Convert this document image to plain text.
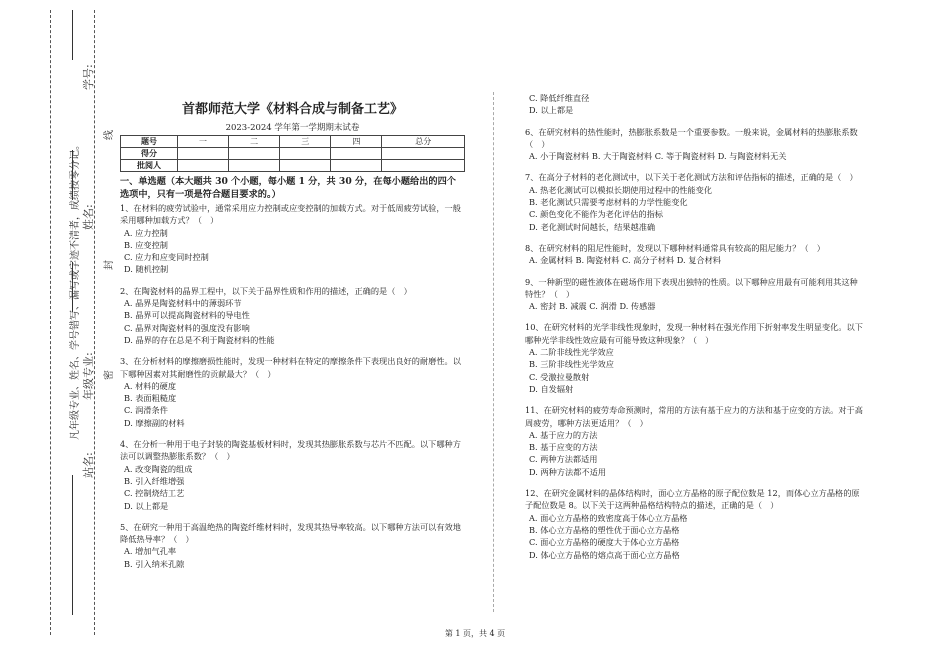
学号:
姓名:
年级专业:
站名:
凡年级专业、姓名、学号错写、漏写或字迹不清者，成绩按零分记。
线
封
密
首都师范大学《材料合成与制备工艺》
2023-2024 学年第一学期期末试卷
题号	一	二	三	四	总分
得分					
批阅人					
一、单选题（本大题共 30 个小题，每小题 1 分，共 30 分，在每小题给出的四个选项中，只有一项是符合题目要求的。）

1、在材料的疲劳试验中，通常采用应力控制或应变控制的加载方式。对于低周疲劳试验，一般采用哪种加载方式？（　）

A. 应力控制

B. 应变控制

C. 应力和应变同时控制

D. 随机控制

2、在陶瓷材料的晶界工程中，以下关于晶界性质和作用的描述，正确的是（　）

A. 晶界是陶瓷材料中的薄弱环节

B. 晶界可以提高陶瓷材料的导电性

C. 晶界对陶瓷材料的强度没有影响

D. 晶界的存在总是不利于陶瓷材料的性能

3、在分析材料的摩擦磨损性能时，发现一种材料在特定的摩擦条件下表现出良好的耐磨性。以下哪种因素对其耐磨性的贡献最大？（　）

A. 材料的硬度

B. 表面粗糙度

C. 润滑条件

D. 摩擦副的材料

4、在分析一种用于电子封装的陶瓷基板材料时，发现其热膨胀系数与芯片不匹配。以下哪种方法可以调整热膨胀系数？（　）

A. 改变陶瓷的组成

B. 引入纤维增强

C. 控制烧结工艺

D. 以上都是

5、在研究一种用于高温绝热的陶瓷纤维材料时，发现其热导率较高。以下哪种方法可以有效地降低热导率？（　）

A. 增加气孔率

B. 引入纳米孔隙

C. 降低纤维直径

D. 以上都是

6、在研究材料的热性能时，热膨胀系数是一个重要参数。一般来说，金属材料的热膨胀系数（　）

A. 小于陶瓷材料 B. 大于陶瓷材料 C. 等于陶瓷材料 D. 与陶瓷材料无关

7、在高分子材料的老化测试中，以下关于老化测试方法和评估指标的描述，正确的是（　）

A. 热老化测试可以模拟长期使用过程中的性能变化

B. 老化测试只需要考虑材料的力学性能变化

C. 颜色变化不能作为老化评估的指标

D. 老化测试时间越长，结果越准确

8、在研究材料的阻尼性能时，发现以下哪种材料通常具有较高的阻尼能力？（　）

A. 金属材料 B. 陶瓷材料 C. 高分子材料 D. 复合材料

9、一种新型的磁性液体在磁场作用下表现出独特的性质。以下哪种应用最有可能利用其这种特性？（　）

A. 密封 B. 减震 C. 润滑 D. 传感器

10、在研究材料的光学非线性现象时，发现一种材料在强光作用下折射率发生明显变化。以下哪种光学非线性效应最有可能导致这种现象？（　）

A. 二阶非线性光学效应

B. 三阶非线性光学效应

C. 受激拉曼散射

D. 自发辐射

11、在研究材料的疲劳寿命预测时，常用的方法有基于应力的方法和基于应变的方法。对于高周疲劳，哪种方法更适用？（　）

A. 基于应力的方法

B. 基于应变的方法

C. 两种方法都适用

D. 两种方法都不适用

12、在研究金属材料的晶体结构时，面心立方晶格的原子配位数是 12，而体心立方晶格的原子配位数是 8。以下关于这两种晶格结构特点的描述，正确的是（　）

A. 面心立方晶格的致密度高于体心立方晶格

B. 体心立方晶格的塑性优于面心立方晶格

C. 面心立方晶格的硬度大于体心立方晶格

D. 体心立方晶格的熔点高于面心立方晶格

第 1 页，共 4 页
